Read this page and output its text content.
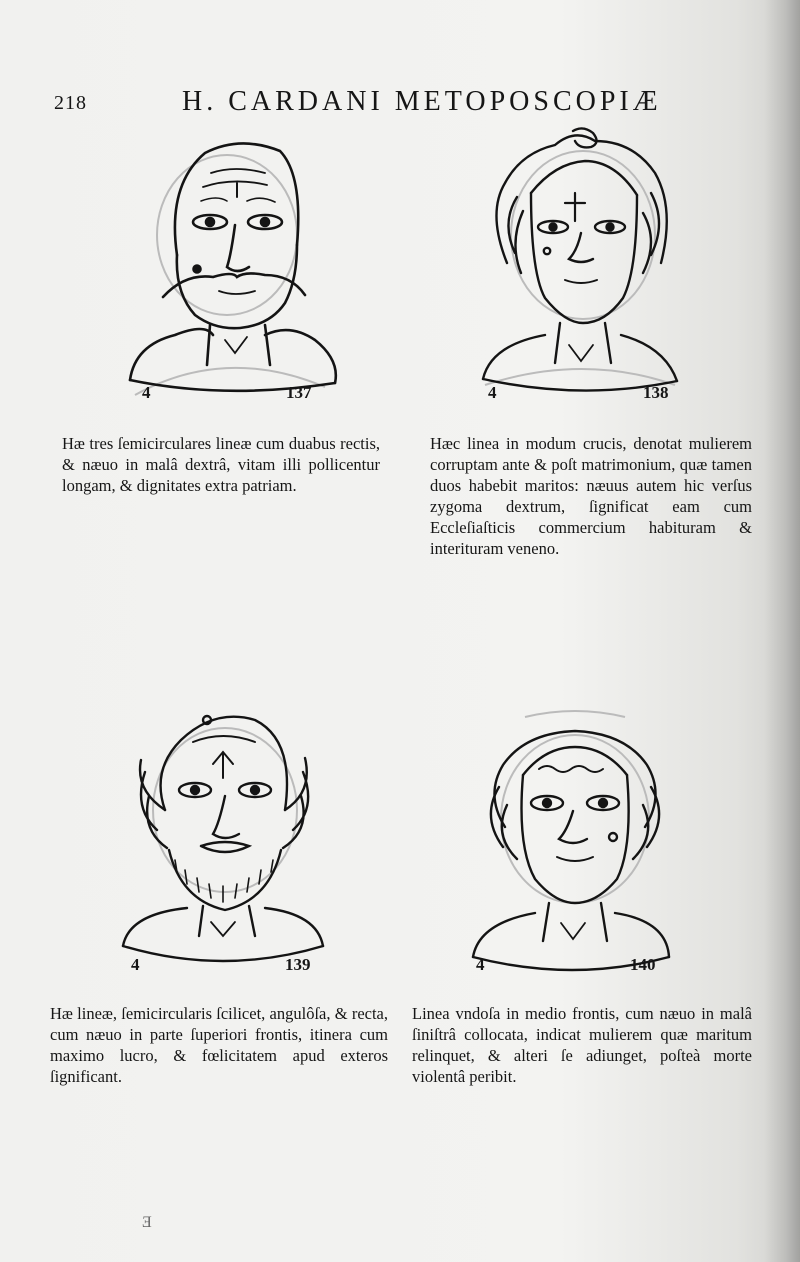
218	H. CARDANI METOPOSCOPIÆ
4	137	4	138

Hæ tres ſemicirculares lineæ cum duabus rectis, & næuo in malâ dextrâ, vitam illi pollicentur longam, & dignitates extra patriam.

Hæc linea in modum crucis, denotat mulierem corruptam ante & poſt matrimonium, quæ tamen duos habebit maritos: næuus autem hic verſus zygoma dextrum, ſignificat eam cum Eccleſiaſticis commercium habituram & interituram veneno.

4	139	4	140

Hæ lineæ, ſemicircularis ſcilicet, angulôſa, & recta, cum næuo in parte ſuperiori frontis, itinera cum maximo lucro, & fœlicitatem apud exteros ſignificant.

Linea vndoſa in medio frontis, cum næuo in malâ ſiniſtrâ collocata, indicat mulierem quæ maritum relinquet, & alteri ſe adiunget, poſteà morte violentâ peribit.

E
